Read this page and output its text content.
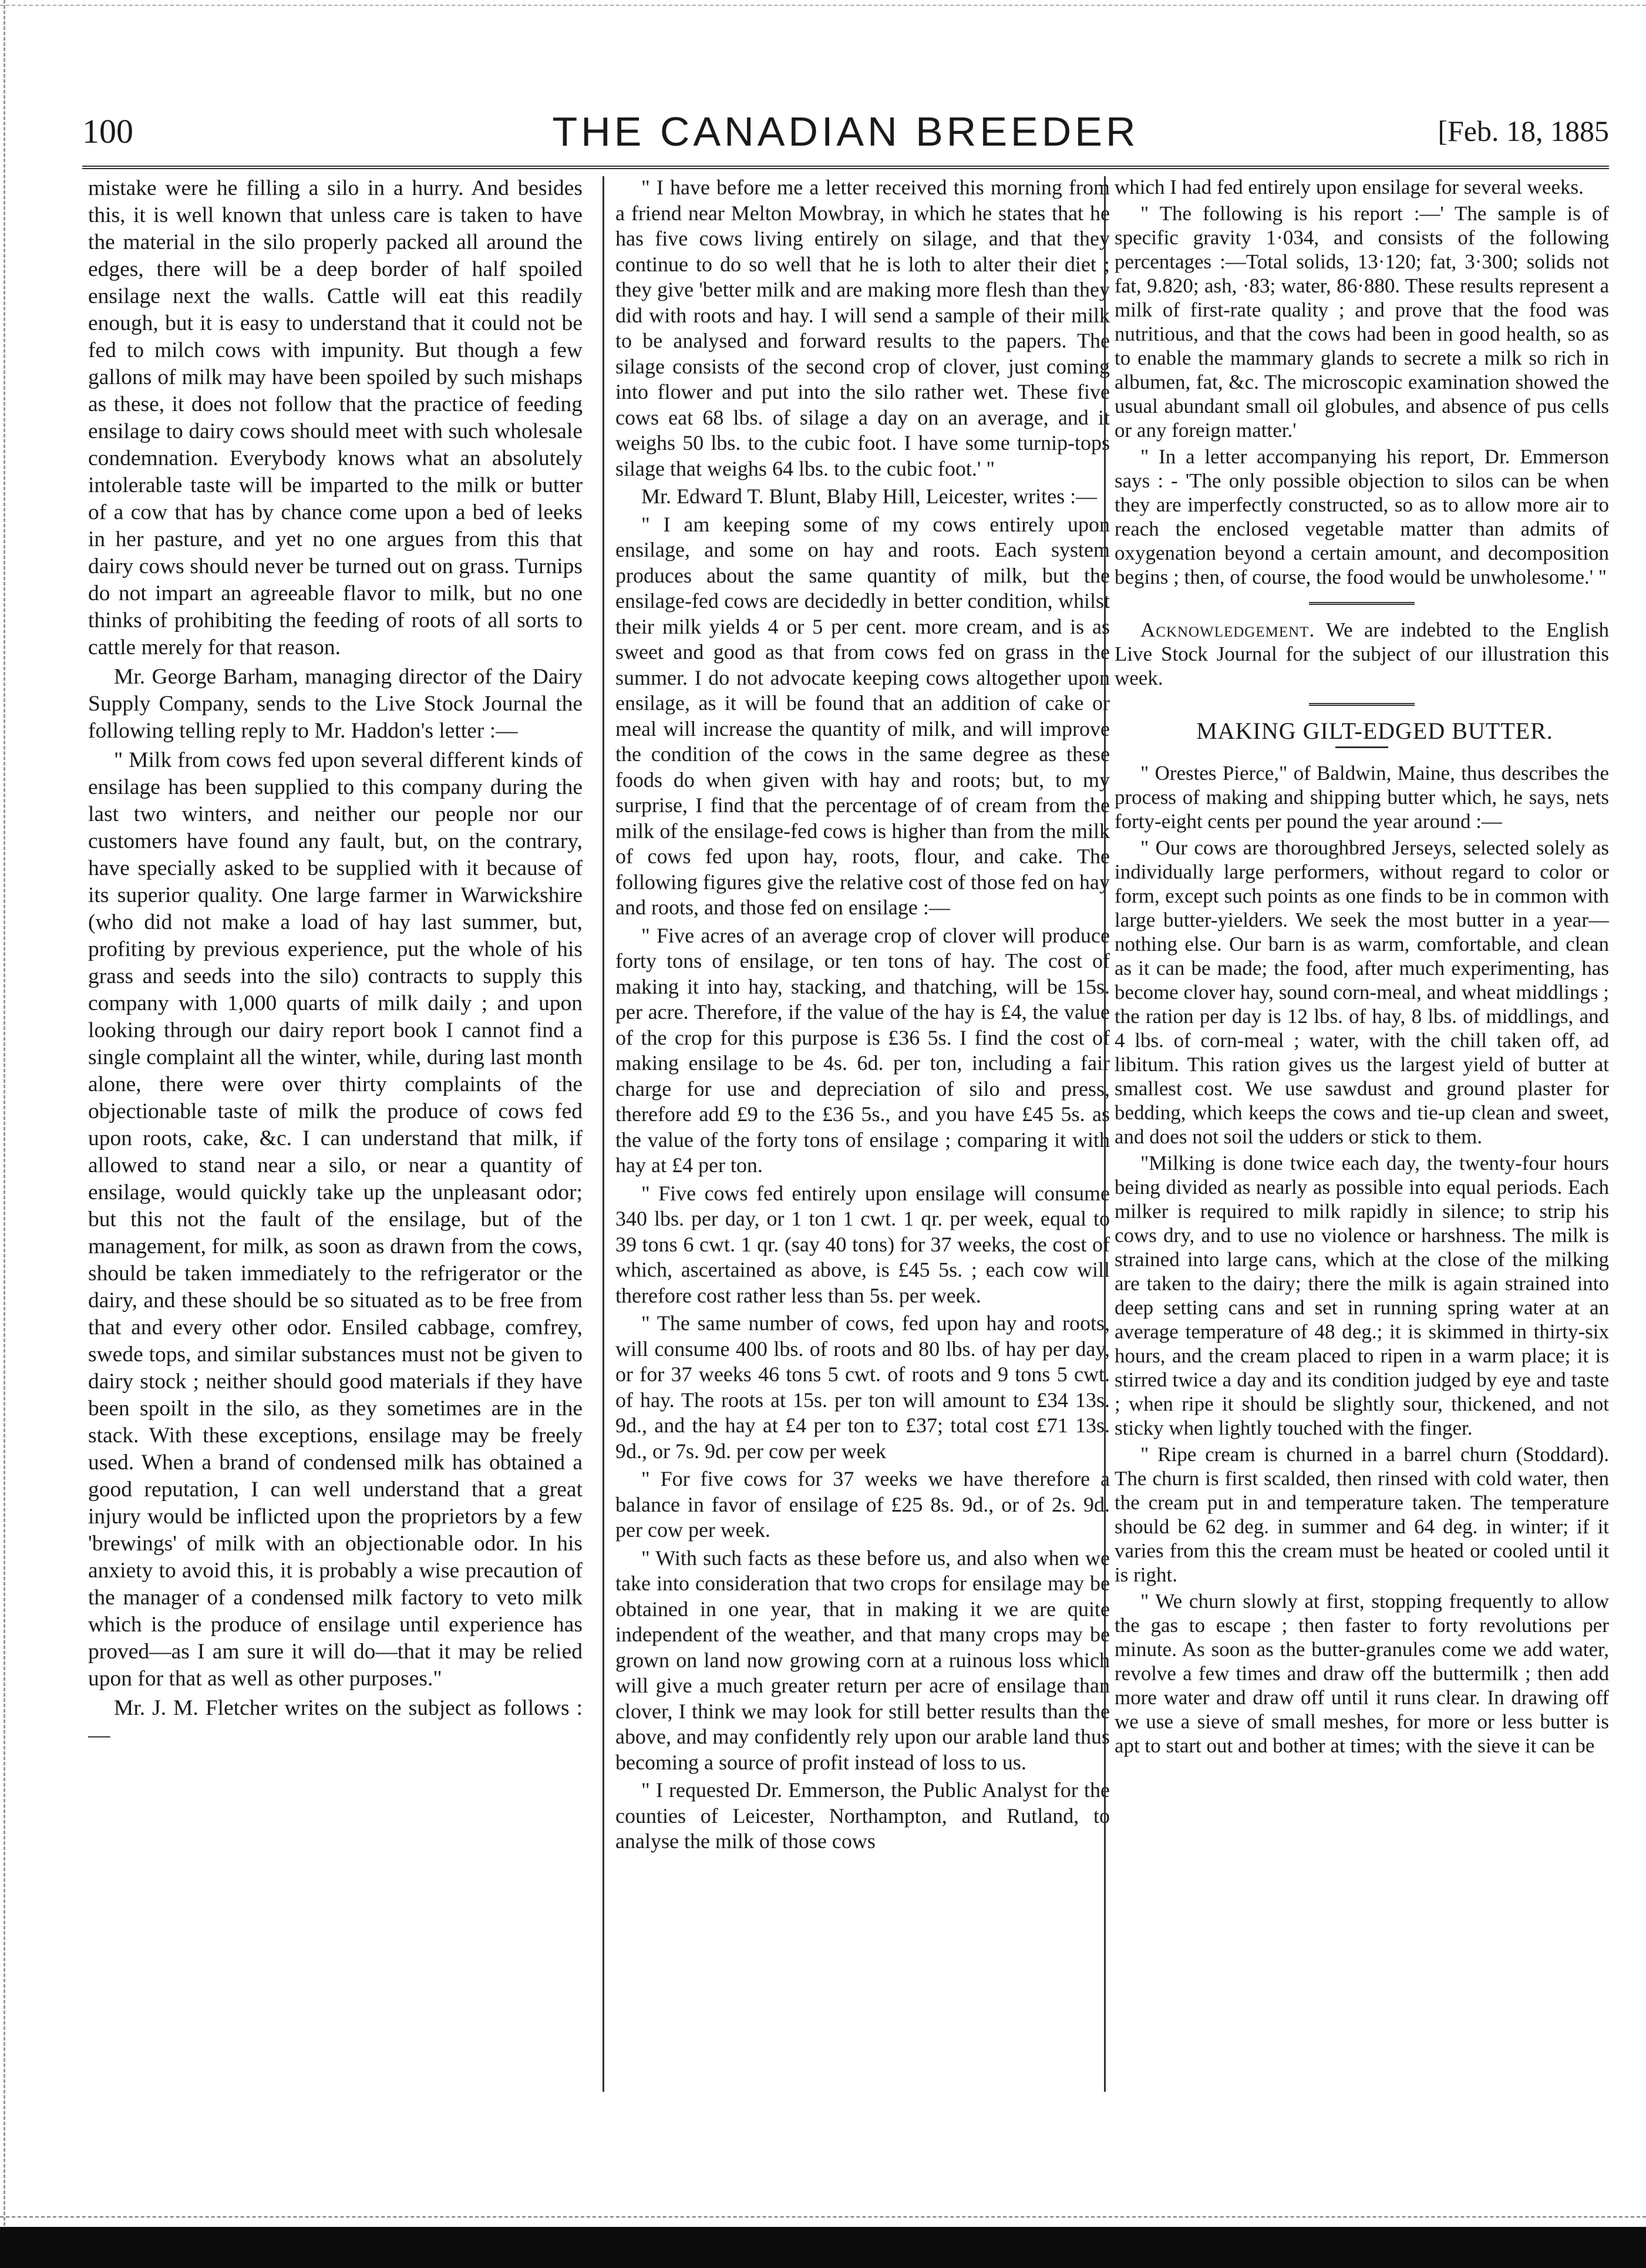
100	THE CANADIAN BREEDER	[Feb. 18, 1885

mistake were he filling a silo in a hurry. And besides this, it is well known that unless care is taken to have the material in the silo properly packed all around the edges, there will be a deep border of half spoiled ensilage next the walls. Cattle will eat this readily enough, but it is easy to understand that it could not be fed to milch cows with impunity. But though a few gallons of milk may have been spoiled by such mishaps as these, it does not follow that the practice of feeding ensilage to dairy cows should meet with such wholesale condemnation. Everybody knows what an absolutely intolerable taste will be imparted to the milk or butter of a cow that has by chance come upon a bed of leeks in her pasture, and yet no one argues from this that dairy cows should never be turned out on grass. Turnips do not impart an agreeable flavor to milk, but no one thinks of prohibiting the feeding of roots of all sorts to cattle merely for that reason.

Mr. George Barham, managing director of the Dairy Supply Company, sends to the Live Stock Journal the following telling reply to Mr. Haddon's letter :—

" Milk from cows fed upon several different kinds of ensilage has been supplied to this company during the last two winters, and neither our people nor our customers have found any fault, but, on the contrary, have specially asked to be supplied with it because of its superior quality. One large farmer in Warwickshire (who did not make a load of hay last summer, but, profiting by previous experience, put the whole of his grass and seeds into the silo) contracts to supply this company with 1,000 quarts of milk daily ; and upon looking through our dairy report book I cannot find a single complaint all the winter, while, during last month alone, there were over thirty complaints of the objectionable taste of milk the produce of cows fed upon roots, cake, &c. I can understand that milk, if allowed to stand near a silo, or near a quantity of ensilage, would quickly take up the unpleasant odor; but this not the fault of the ensilage, but of the management, for milk, as soon as drawn from the cows, should be taken immediately to the refrigerator or the dairy, and these should be so situated as to be free from that and every other odor. Ensiled cabbage, comfrey, swede tops, and similar substances must not be given to dairy stock ; neither should good materials if they have been spoilt in the silo, as they sometimes are in the stack. With these exceptions, ensilage may be freely used. When a brand of condensed milk has obtained a good reputation, I can well understand that a great injury would be inflicted upon the proprietors by a few 'brewings' of milk with an objectionable odor. In his anxiety to avoid this, it is probably a wise precaution of the manager of a condensed milk factory to veto milk which is the produce of ensilage until experience has proved—as I am sure it will do—that it may be relied upon for that as well as other purposes."

Mr. J. M. Fletcher writes on the subject as follows :—

" I have before me a letter received this morning from a friend near Melton Mowbray, in which he states that he has five cows living entirely on silage, and that they continue to do so well that he is loth to alter their diet ; they give 'better milk and are making more flesh than they did with roots and hay. I will send a sample of their milk to be analysed and forward results to the papers. The silage consists of the second crop of clover, just coming into flower and put into the silo rather wet. These five cows eat 68 lbs. of silage a day on an average, and it weighs 50 lbs. to the cubic foot. I have some turnip-tops silage that weighs 64 lbs. to the cubic foot.' "

Mr. Edward T. Blunt, Blaby Hill, Leicester, writes :—

" I am keeping some of my cows entirely upon ensilage, and some on hay and roots. Each system produces about the same quantity of milk, but the ensilage-fed cows are decidedly in better condition, whilst their milk yields 4 or 5 per cent. more cream, and is as sweet and good as that from cows fed on grass in the summer. I do not advocate keeping cows altogether upon ensilage, as it will be found that an addition of cake or meal will increase the quantity of milk, and will improve the condition of the cows in the same degree as these foods do when given with hay and roots; but, to my surprise, I find that the percentage of of cream from the milk of the ensilage-fed cows is higher than from the milk of cows fed upon hay, roots, flour, and cake. The following figures give the relative cost of those fed on hay and roots, and those fed on ensilage :—

" Five acres of an average crop of clover will produce forty tons of ensilage, or ten tons of hay. The cost of making it into hay, stacking, and thatching, will be 15s. per acre. Therefore, if the value of the hay is £4, the value of the crop for this purpose is £36 5s. I find the cost of making ensilage to be 4s. 6d. per ton, including a fair charge for use and depreciation of silo and press, therefore add £9 to the £36 5s., and you have £45 5s. as the value of the forty tons of ensilage ; comparing it with hay at £4 per ton.

" Five cows fed entirely upon ensilage will consume 340 lbs. per day, or 1 ton 1 cwt. 1 qr. per week, equal to 39 tons 6 cwt. 1 qr. (say 40 tons) for 37 weeks, the cost of which, ascertained as above, is £45 5s. ; each cow will therefore cost rather less than 5s. per week.

" The same number of cows, fed upon hay and roots, will consume 400 lbs. of roots and 80 lbs. of hay per day, or for 37 weeks 46 tons 5 cwt. of roots and 9 tons 5 cwt. of hay. The roots at 15s. per ton will amount to £34 13s. 9d., and the hay at £4 per ton to £37; total cost £71 13s. 9d., or 7s. 9d. per cow per week

" For five cows for 37 weeks we have therefore a balance in favor of ensilage of £25 8s. 9d., or of 2s. 9d. per cow per week.

" With such facts as these before us, and also when we take into consideration that two crops for ensilage may be obtained in one year, that in making it we are quite independent of the weather, and that many crops may be grown on land now growing corn at a ruinous loss which will give a much greater return per acre of ensilage than clover, I think we may look for still better results than the above, and may confidently rely upon our arable land thus becoming a source of profit instead of loss to us.

" I requested Dr. Emmerson, the Public Analyst for the counties of Leicester, Northampton, and Rutland, to analyse the milk of those cows

which I had fed entirely upon ensilage for several weeks.

" The following is his report :—' The sample is of specific gravity 1·034, and consists of the following percentages :—Total solids, 13·120; fat, 3·300; solids not fat, 9.820; ash, ·83; water, 86·880. These results represent a milk of first-rate quality ; and prove that the food was nutritious, and that the cows had been in good health, so as to enable the mammary glands to secrete a milk so rich in albumen, fat, &c. The microscopic examination showed the usual abundant small oil globules, and absence of pus cells or any foreign matter.'

" In a letter accompanying his report, Dr. Emmerson says : - 'The only possible objection to silos can be when they are imperfectly constructed, so as to allow more air to reach the enclosed vegetable matter than admits of oxygenation beyond a certain amount, and decomposition begins ; then, of course, the food would be unwholesome.' "

Acknowledgement. We are indebted to the English Live Stock Journal for the subject of our illustration this week.

MAKING GILT-EDGED BUTTER.

" Orestes Pierce," of Baldwin, Maine, thus describes the process of making and shipping butter which, he says, nets forty-eight cents per pound the year around :—

" Our cows are thoroughbred Jerseys, selected solely as individually large performers, without regard to color or form, except such points as one finds to be in common with large butter-yielders. We seek the most butter in a year—nothing else. Our barn is as warm, comfortable, and clean as it can be made; the food, after much experimenting, has become clover hay, sound corn-meal, and wheat middlings ; the ration per day is 12 lbs. of hay, 8 lbs. of middlings, and 4 lbs. of corn-meal ; water, with the chill taken off, ad libitum. This ration gives us the largest yield of butter at smallest cost. We use sawdust and ground plaster for bedding, which keeps the cows and tie-up clean and sweet, and does not soil the udders or stick to them.

"Milking is done twice each day, the twenty-four hours being divided as nearly as possible into equal periods. Each milker is required to milk rapidly in silence; to strip his cows dry, and to use no violence or harshness. The milk is strained into large cans, which at the close of the milking are taken to the dairy; there the milk is again strained into deep setting cans and set in running spring water at an average temperature of 48 deg.; it is skimmed in thirty-six hours, and the cream placed to ripen in a warm place; it is stirred twice a day and its condition judged by eye and taste ; when ripe it should be slightly sour, thickened, and not sticky when lightly touched with the finger.

" Ripe cream is churned in a barrel churn (Stoddard). The churn is first scalded, then rinsed with cold water, then the cream put in and temperature taken. The temperature should be 62 deg. in summer and 64 deg. in winter; if it varies from this the cream must be heated or cooled until it is right.

" We churn slowly at first, stopping frequently to allow the gas to escape ; then faster to forty revolutions per minute. As soon as the butter-granules come we add water, revolve a few times and draw off the buttermilk ; then add more water and draw off until it runs clear. In drawing off we use a sieve of small meshes, for more or less butter is apt to start out and bother at times; with the sieve it can be
